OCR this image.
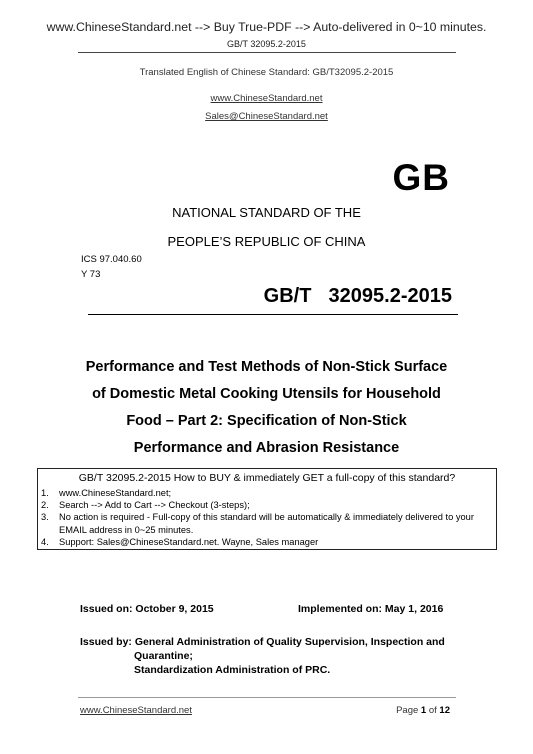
www.ChineseStandard.net --> Buy True-PDF --> Auto-delivered in 0~10 minutes.
GB/T 32095.2-2015
Translated English of Chinese Standard: GB/T32095.2-2015
www.ChineseStandard.net
Sales@ChineseStandard.net
GB
NATIONAL STANDARD OF THE
PEOPLE’S REPUBLIC OF CHINA
ICS 97.040.60
Y 73
GB/T  32095.2-2015
Performance and Test Methods of Non-Stick Surface
of Domestic Metal Cooking Utensils for Household
Food – Part 2: Specification of Non-Stick
Performance and Abrasion Resistance
GB/T 32095.2-2015 How to BUY & immediately GET a full-copy of this standard?
1.	www.ChineseStandard.net;
2.	Search --> Add to Cart --> Checkout (3-steps);
3.	No action is required - Full-copy of this standard will be automatically & immediately delivered to your EMAIL address in 0~25 minutes.
4.	Support: Sales@ChineseStandard.net. Wayne, Sales manager
Issued on: October 9, 2015	Implemented on: May 1, 2016
Issued by: General Administration of Quality Supervision, Inspection and
Quarantine;
Standardization Administration of PRC.
www.ChineseStandard.net	Page 1 of 12
